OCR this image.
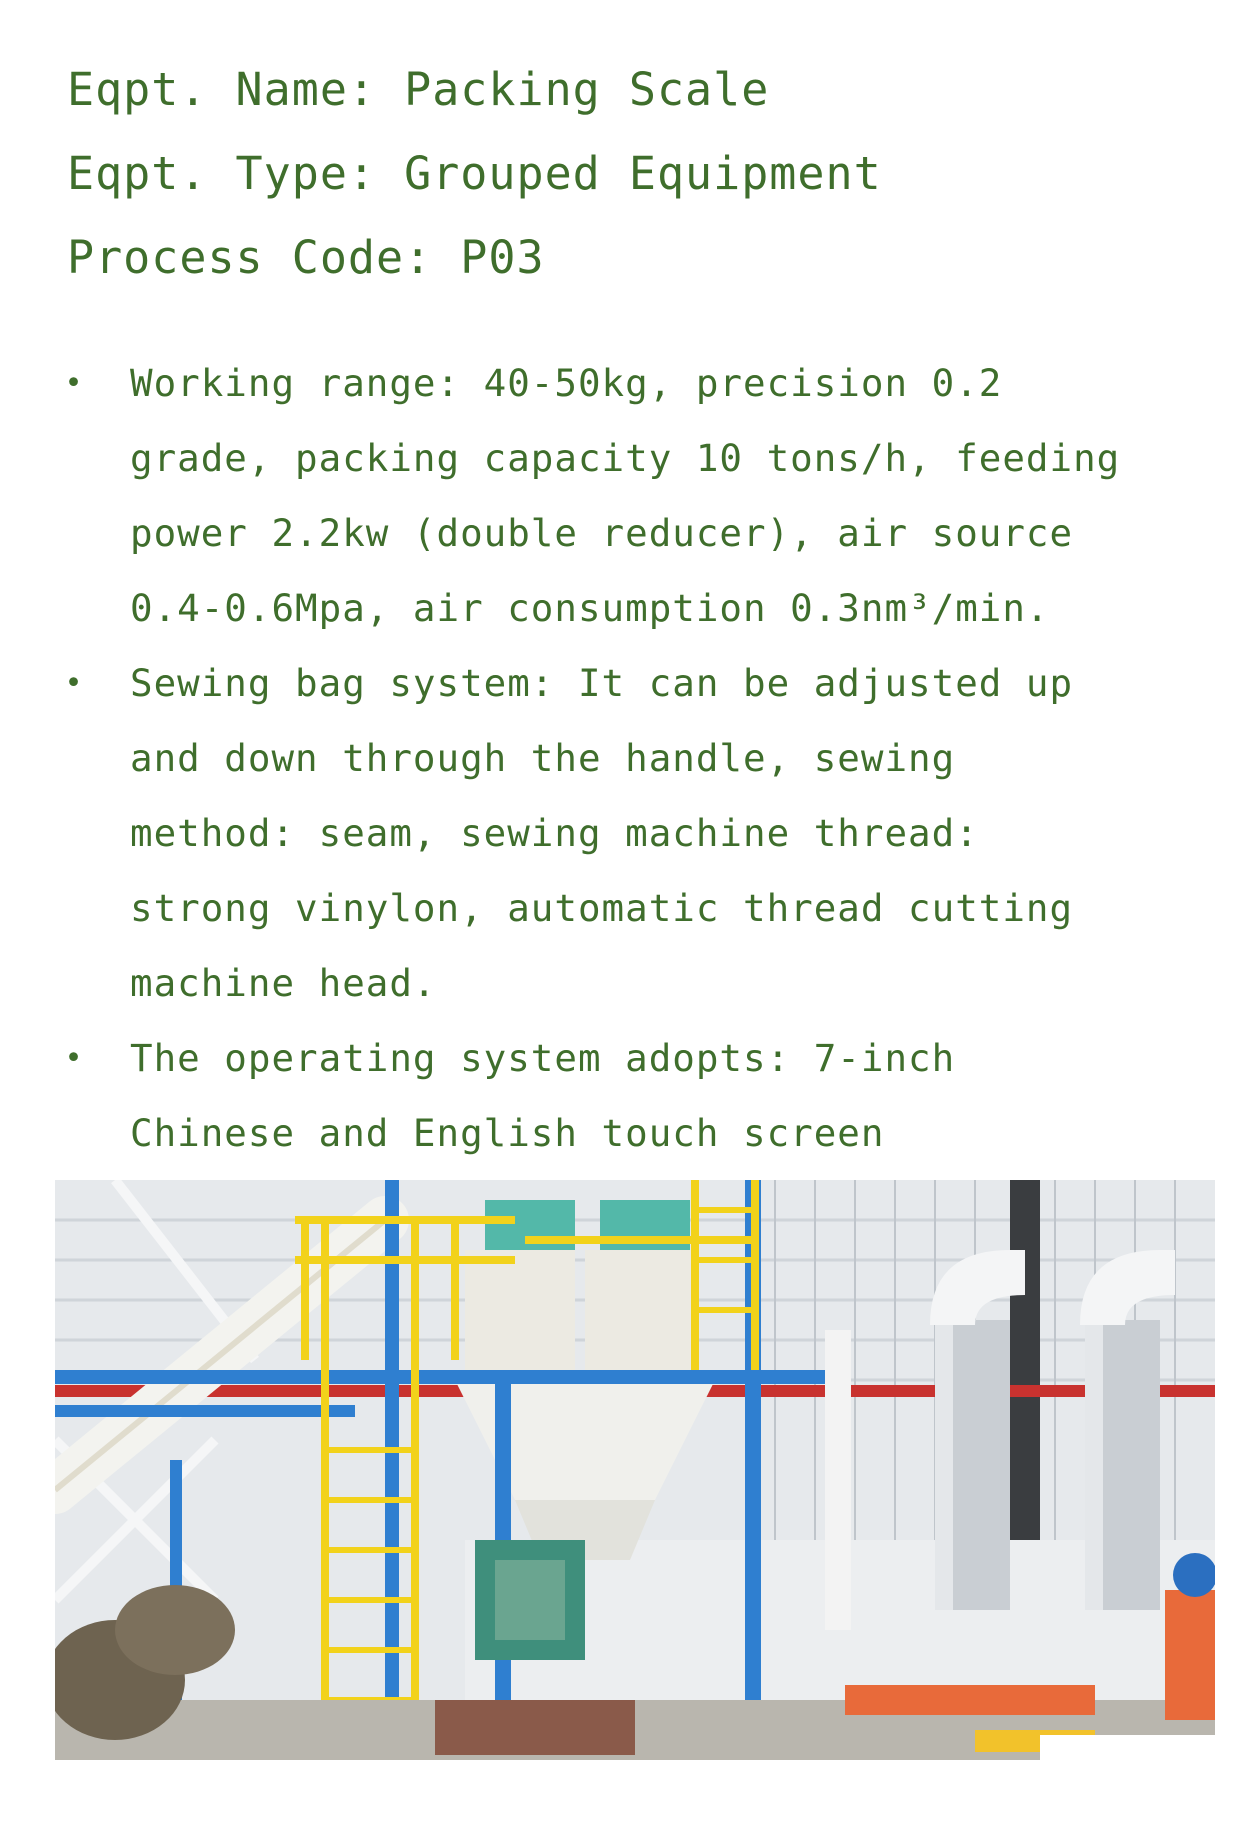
Eqpt. Name: Packing Scale
Eqpt. Type: Grouped Equipment
Process Code: P03
• Working range: 40-50kg, precision 0.2 grade, packing capacity 10 tons/h, feeding power 2.2kw (double reducer), air source 0.4-0.6Mpa, air consumption 0.3nm³/min.
• Sewing bag system: It can be adjusted up and down through the handle, sewing method: seam, sewing machine thread: strong vinylon, automatic thread cutting machine head.
• The operating system adopts: 7-inch Chinese and English touch screen
